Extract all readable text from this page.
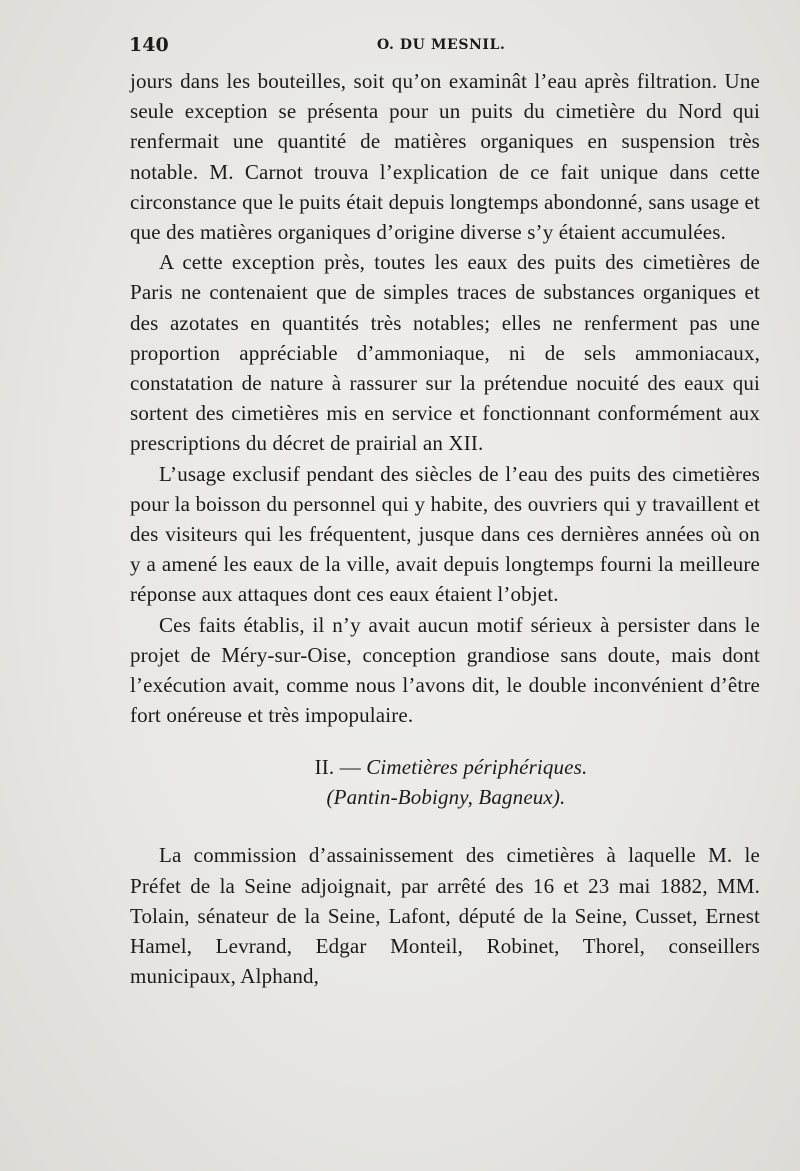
140	O. DU MESNIL.

jours dans les bouteilles, soit qu’on examinât l’eau après filtration. Une seule exception se présenta pour un puits du cimetière du Nord qui renfermait une quantité de matières organiques en suspension très notable. M. Carnot trouva l’explication de ce fait unique dans cette circonstance que le puits était depuis longtemps abondonné, sans usage et que des matières organiques d’origine diverse s’y étaient accumulées.

A cette exception près, toutes les eaux des puits des cimetières de Paris ne contenaient que de simples traces de substances organiques et des azotates en quantités très notables; elles ne renferment pas une proportion appréciable d’ammoniaque, ni de sels ammoniacaux, constatation de nature à rassurer sur la prétendue nocuité des eaux qui sortent des cimetières mis en service et fonctionnant conformément aux prescriptions du décret de prairial an XII.

L’usage exclusif pendant des siècles de l’eau des puits des cimetières pour la boisson du personnel qui y habite, des ouvriers qui y travaillent et des visiteurs qui les fréquentent, jusque dans ces dernières années où on y a amené les eaux de la ville, avait depuis longtemps fourni la meilleure réponse aux attaques dont ces eaux étaient l’objet.

Ces faits établis, il n’y avait aucun motif sérieux à persister dans le projet de Méry-sur-Oise, conception grandiose sans doute, mais dont l’exécution avait, comme nous l’avons dit, le double inconvénient d’être fort onéreuse et très impopulaire.

II. — Cimetières périphériques.
(Pantin-Bobigny, Bagneux).

La commission d’assainissement des cimetières à laquelle M. le Préfet de la Seine adjoignait, par arrêté des 16 et 23 mai 1882, MM. Tolain, sénateur de la Seine, Lafont, député de la Seine, Cusset, Ernest Hamel, Levrand, Edgar Monteil, Robinet, Thorel, conseillers municipaux, Alphand,
